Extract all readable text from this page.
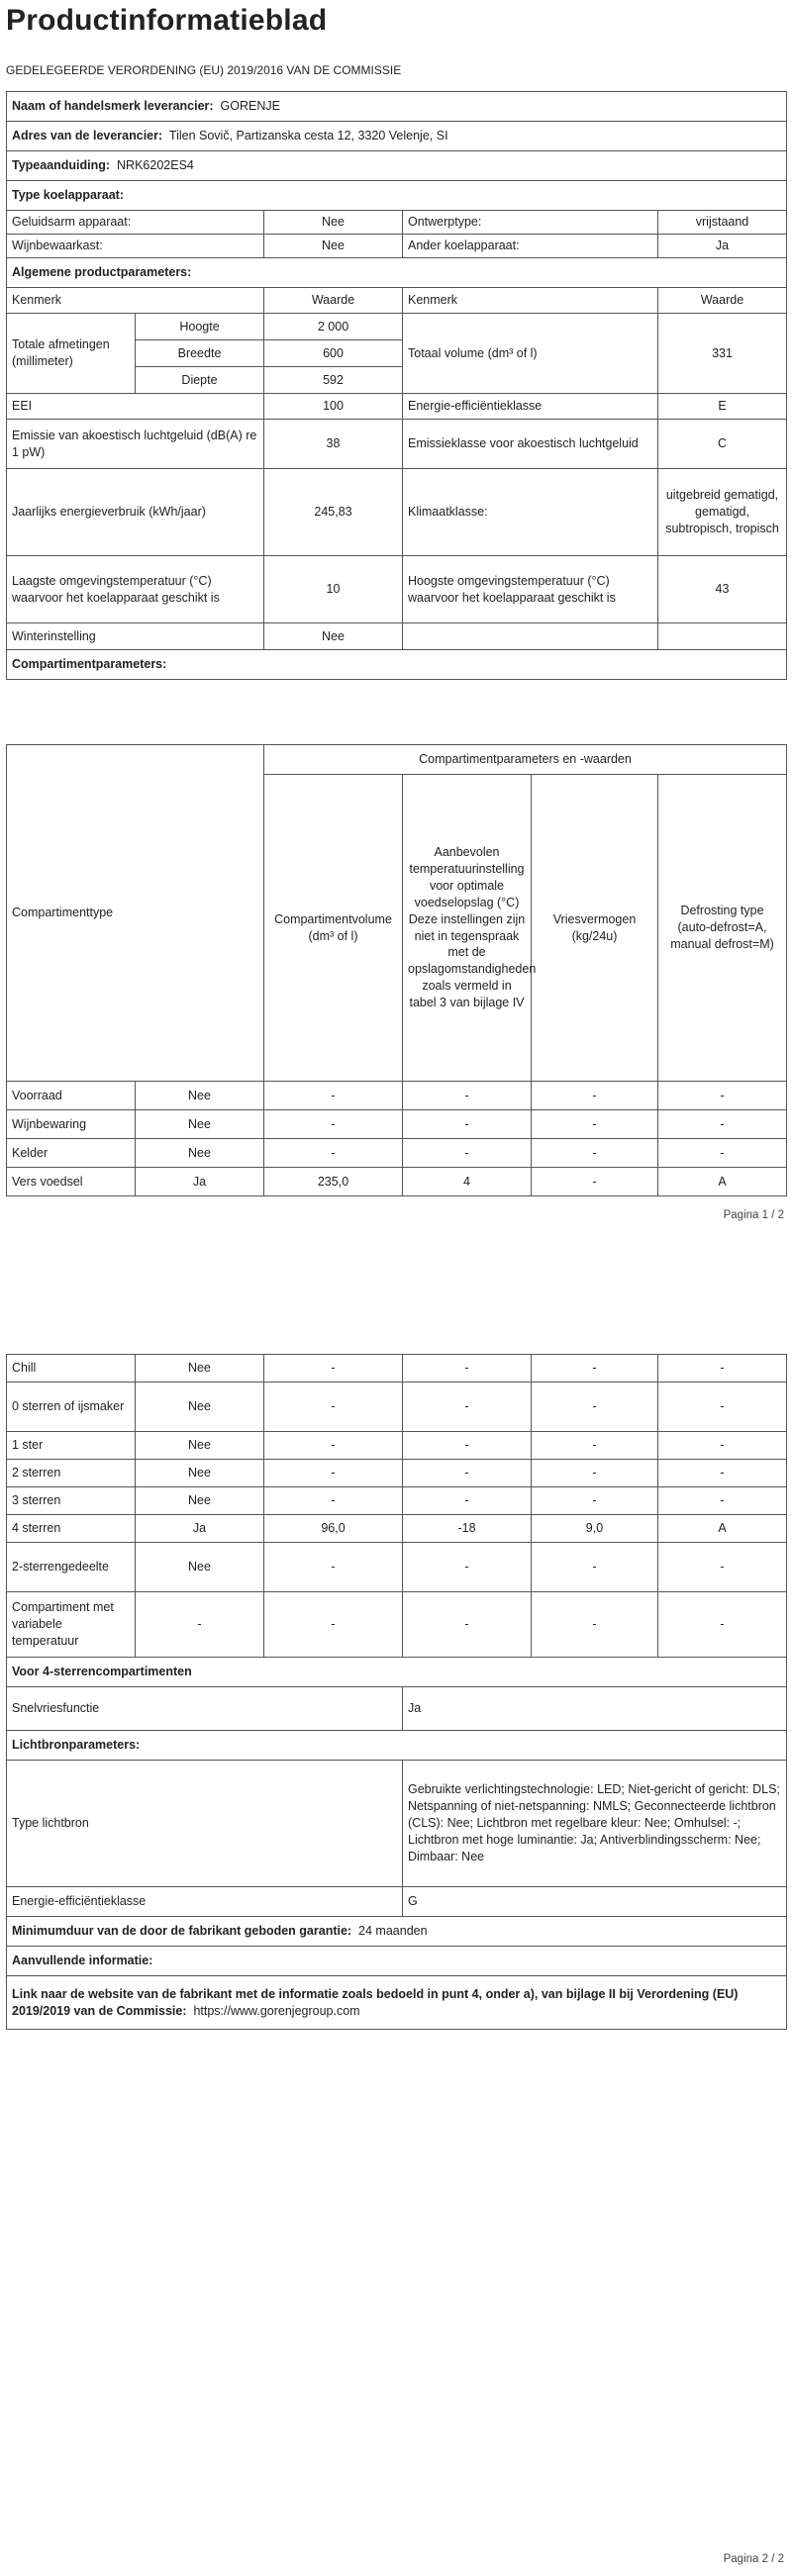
Productinformatieblad

GEDELEGEERDE VERORDENING (EU) 2019/2016 VAN DE COMMISSIE

Naam of handelsmerk leverancier: GORENJE				
Adres van de leverancier: Tilen Sovič, Partizanska cesta 12, 3320 Velenje, SI				
Typeaanduiding: NRK6202ES4				
Type koelapparaat:				
Geluidsarm apparaat:		Nee	Ontwerptype:	vrijstaand
Wijnbewaarkast:		Nee	Ander koelapparaat:	Ja
Algemene productparameters:				
Kenmerk		Waarde	Kenmerk	Waarde
Totale afmetingen (millimeter)	Hoogte	2 000	Totaal volume (dm³ of l)	331
	Breedte	600		
	Diepte	592		
EEI		100	Energie-efficiëntieklasse	E
Emissie van akoestisch luchtgeluid (dB(A) re 1 pW)		38	Emissieklasse voor akoestisch luchtgeluid	C
Jaarlijks energieverbruik (kWh/jaar)		245,83	Klimaatklasse:	uitgebreid gematigd, gematigd, subtropisch, tropisch
Laagste omgevingstemperatuur (°C) waarvoor het koelapparaat geschikt is		10	Hoogste omgevingstemperatuur (°C) waarvoor het koelapparaat geschikt is	43
Winterinstelling		Nee		
Compartimentparameters:				
Compartimenttype		Compartimentparameters en -waarden			
		Compartimentvolume (dm³ of l)	Aanbevolen temperatuurinstelling voor optimale voedselopslag (°C) Deze instellingen zijn niet in tegenspraak met de opslagomstandigheden zoals vermeld in tabel 3 van bijlage IV	Vriesvermogen (kg/24u)	Defrosting type (auto-defrost=A, manual defrost=M)
Voorraad	Nee	-	-	-	-
Wijnbewaring	Nee	-	-	-	-
Kelder	Nee	-	-	-	-
Vers voedsel	Ja	235,0	4	-	A
Pagina 1 / 2
Chill	Nee	-	-	-	-
0 sterren of ijsmaker	Nee	-	-	-	-
1 ster	Nee	-	-	-	-
2 sterren	Nee	-	-	-	-
3 sterren	Nee	-	-	-	-
4 sterren	Ja	96,0	-18	9,0	A
2-sterrengedeelte	Nee	-	-	-	-
Compartiment met variabele temperatuur	-	-	-	-	-
Voor 4-sterrencompartimenten	
Snelvriesfunctie	Ja
Lichtbronparameters:	
Type lichtbron	Gebruikte verlichtingstechnologie: LED; Niet-gericht of gericht: DLS; Netspanning of niet-netspanning: NMLS; Geconnecteerde lichtbron (CLS): Nee; Lichtbron met regelbare kleur: Nee; Omhulsel: -; Lichtbron met hoge luminantie: Ja; Antiverblindingsscherm: Nee; Dimbaar: Nee
Energie-efficiëntieklasse	G
Minimumduur van de door de fabrikant geboden garantie: 24 maanden	
Aanvullende informatie:	
Link naar de website van de fabrikant met de informatie zoals bedoeld in punt 4, onder a), van bijlage II bij Verordening (EU) 2019/2019 van de Commissie: https://www.gorenjegroup.com	
Pagina 2 / 2
